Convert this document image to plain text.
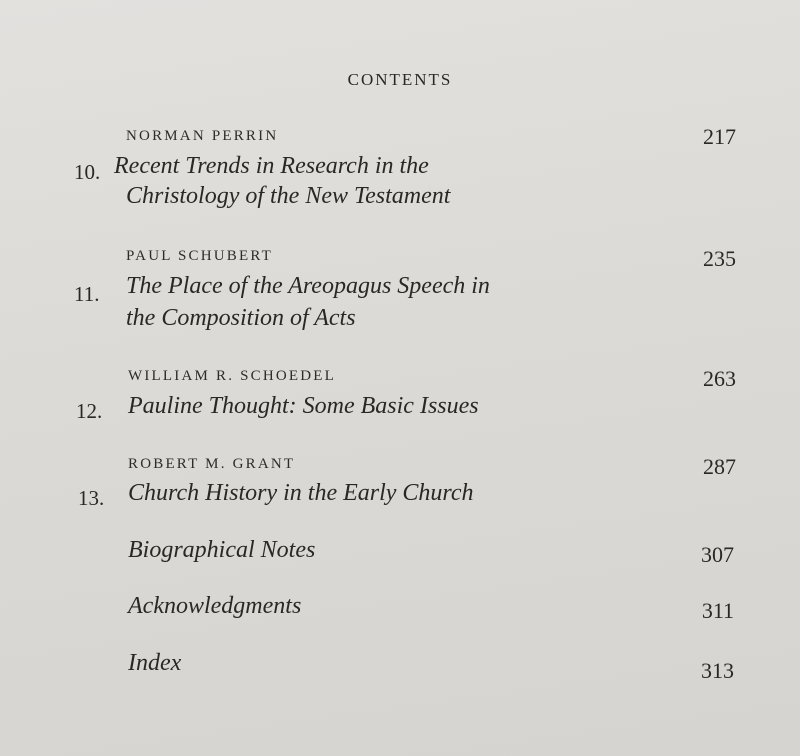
CONTENTS
NORMAN PERRIN	217
10. Recent Trends in Research in the
Christology of the New Testament
PAUL SCHUBERT	235
11. The Place of the Areopagus Speech in
the Composition of Acts
WILLIAM R. SCHOEDEL	263
12. Pauline Thought: Some Basic Issues
ROBERT M. GRANT	287
13. Church History in the Early Church
Biographical Notes	307
Acknowledgments	311
Index	313
